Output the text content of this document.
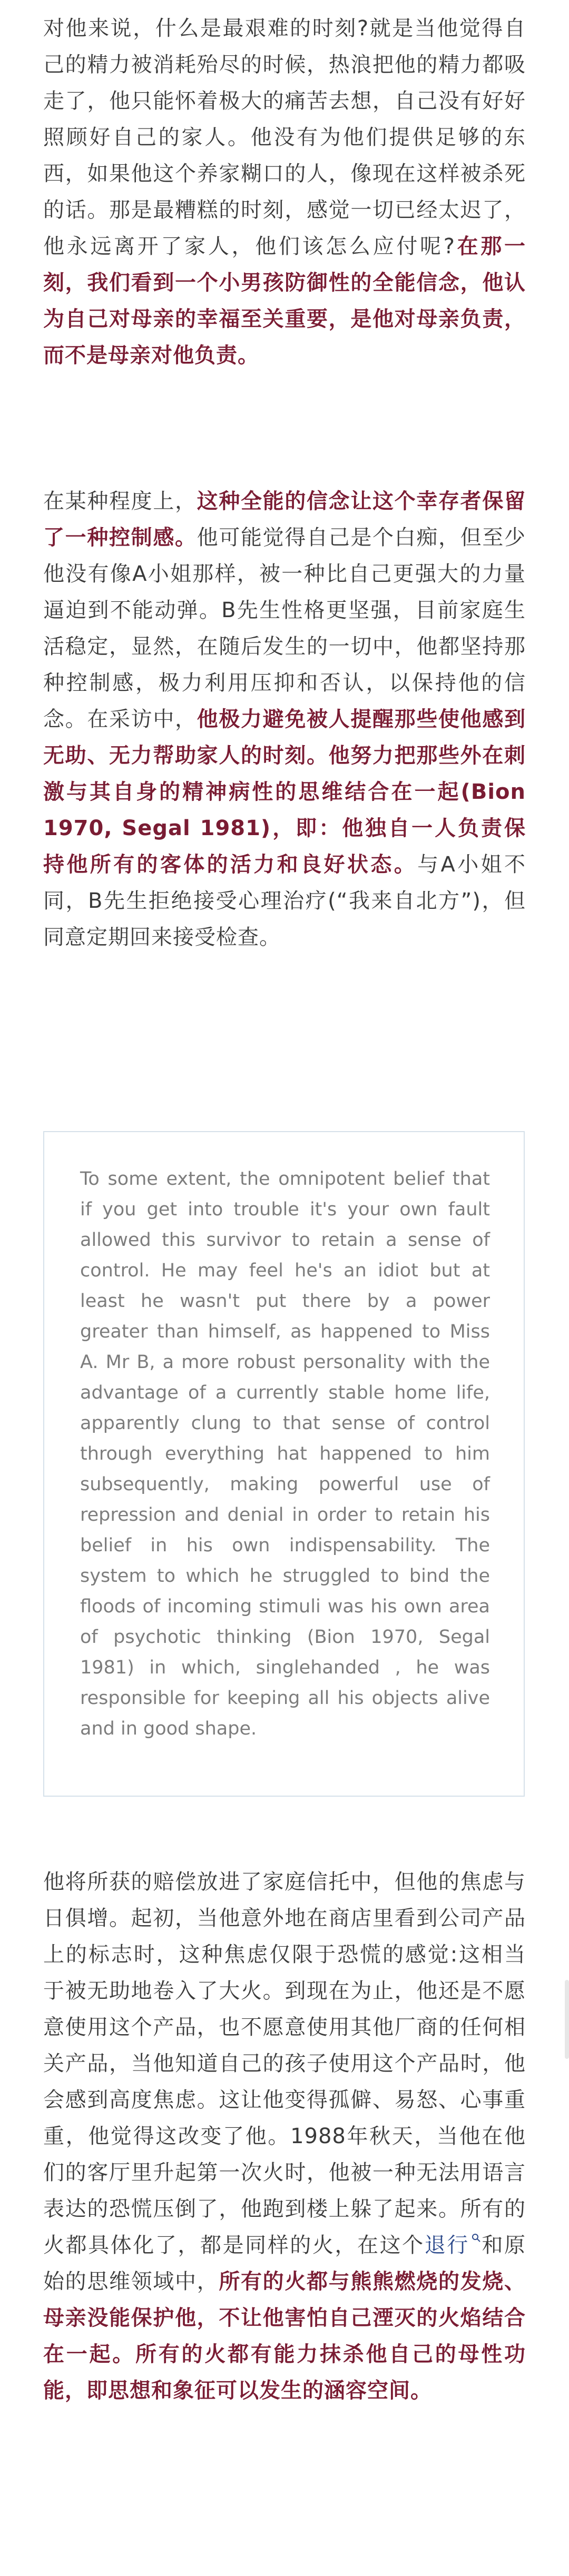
对他来说，什么是最艰难的时刻?就是当他觉得自己的精力被消耗殆尽的时候，热浪把他的精力都吸走了，他只能怀着极大的痛苦去想，自己没有好好照顾好自己的家人。他没有为他们提供足够的东西，如果他这个养家糊口的人，像现在这样被杀死的话。那是最糟糕的时刻，感觉一切已经太迟了，他永远离开了家人，他们该怎么应付呢?在那一刻，我们看到一个小男孩防御性的全能信念，他认为自己对母亲的幸福至关重要，是他对母亲负责，而不是母亲对他负责。

在某种程度上，这种全能的信念让这个幸存者保留了一种控制感。他可能觉得自己是个白痴，但至少他没有像A小姐那样，被一种比自己更强大的力量逼迫到不能动弹。B先生性格更坚强，目前家庭生活稳定，显然，在随后发生的一切中，他都坚持那种控制感，极力利用压抑和否认，以保持他的信念。在采访中，他极力避免被人提醒那些使他感到无助、无力帮助家人的时刻。他努力把那些外在刺激与其自身的精神病性的思维结合在一起(Bion 1970, Segal 1981)，即：他独自一人负责保持他所有的客体的活力和良好状态。与A小姐不同，B先生拒绝接受心理治疗(“我来自北方”)，但同意定期回来接受检查。

To some extent, the omnipotent belief that if you get into trouble it's your own fault allowed this survivor to retain a sense of control. He may feel he's an idiot but at least he wasn't put there by a power greater than himself, as happened to Miss A. Mr B, a more robust personality with the advantage of a currently stable home life, apparently clung to that sense of control through everything hat happened to him subsequently, making powerful use of repression and denial in order to retain his belief in his own indispensability. The system to which he struggled to bind the floods of incoming stimuli was his own area of psychotic thinking (Bion 1970, Segal 1981) in which, singlehanded , he was responsible for keeping all his objects alive and in good shape.

他将所获的赔偿放进了家庭信托中，但他的焦虑与日俱增。起初，当他意外地在商店里看到公司产品上的标志时，这种焦虑仅限于恐慌的感觉:这相当于被无助地卷入了大火。到现在为止，他还是不愿意使用这个产品，也不愿意使用其他厂商的任何相关产品，当他知道自己的孩子使用这个产品时，他会感到高度焦虑。这让他变得孤僻、易怒、心事重重，他觉得这改变了他。1988年秋天，当他在他们的客厅里升起第一次火时，他被一种无法用语言表达的恐慌压倒了，他跑到楼上躲了起来。所有的火都具体化了，都是同样的火，在这个退行 和原始的思维领域中，所有的火都与熊熊燃烧的发烧、母亲没能保护他，不让他害怕自己湮灭的火焰结合在一起。所有的火都有能力抹杀他自己的母性功能，即思想和象征可以发生的涵容空间。
